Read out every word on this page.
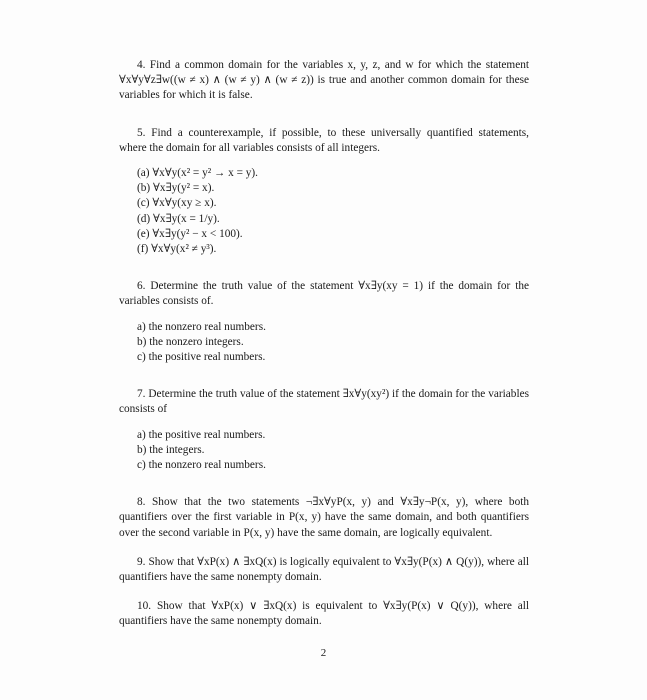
4. Find a common domain for the variables x, y, z, and w for which the statement ∀x∀y∀z∃w((w ≠ x) ∧ (w ≠ y) ∧ (w ≠ z)) is true and another common domain for these variables for which it is false.

5. Find a counterexample, if possible, to these universally quantified statements, where the domain for all variables consists of all integers.

(a) ∀x∀y(x² = y² → x = y).
(b) ∀x∃y(y² = x).
(c) ∀x∀y(xy ≥ x).
(d) ∀x∃y(x = 1/y).
(e) ∀x∃y(y² − x < 100).
(f) ∀x∀y(x² ≠ y³).

6. Determine the truth value of the statement ∀x∃y(xy = 1) if the domain for the variables consists of.

a) the nonzero real numbers.
b) the nonzero integers.
c) the positive real numbers.

7. Determine the truth value of the statement ∃x∀y(xy²) if the domain for the variables consists of

a) the positive real numbers.
b) the integers.
c) the nonzero real numbers.

8. Show that the two statements ¬∃x∀yP(x, y) and ∀x∃y¬P(x, y), where both quantifiers over the first variable in P(x, y) have the same domain, and both quantifiers over the second variable in P(x, y) have the same domain, are logically equivalent.

9. Show that ∀xP(x) ∧ ∃xQ(x) is logically equivalent to ∀x∃y(P(x) ∧ Q(y)), where all quantifiers have the same nonempty domain.

10. Show that ∀xP(x) ∨ ∃xQ(x) is equivalent to ∀x∃y(P(x) ∨ Q(y)), where all quantifiers have the same nonempty domain.

2
